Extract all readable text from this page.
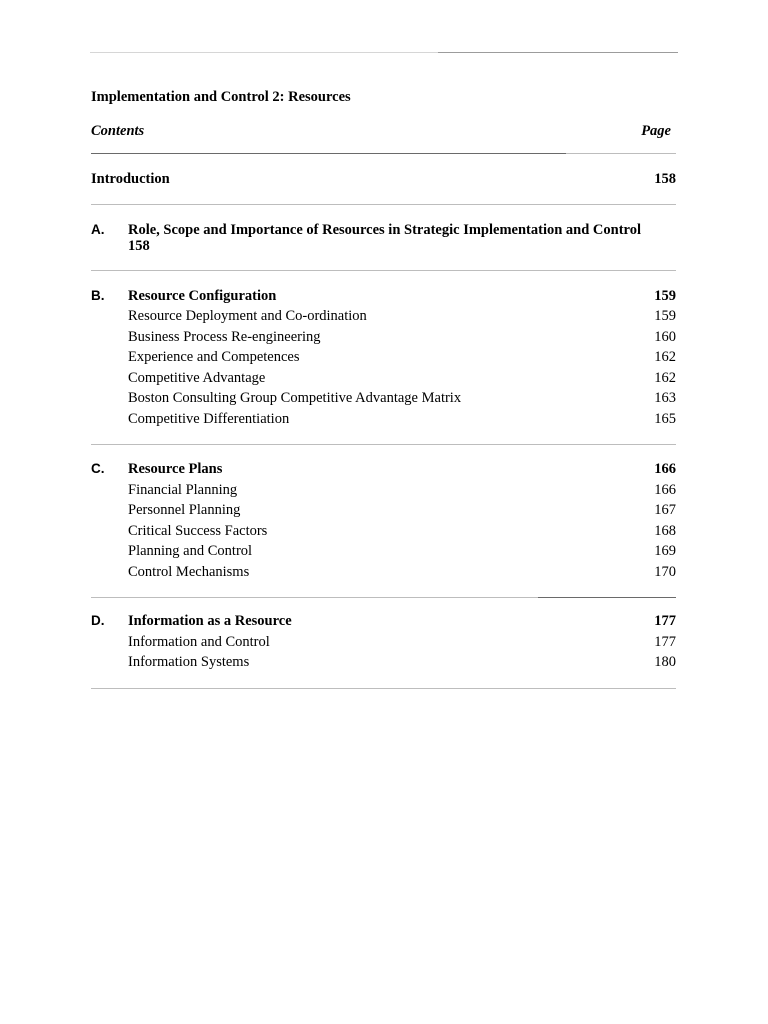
Implementation and Control 2: Resources
Contents	Page
Introduction	158
A.	Role, Scope and Importance of Resources in Strategic Implementation and Control
158
B.	Resource Configuration	159
Resource Deployment and Co-ordination	159
Business Process Re-engineering	160
Experience and Competences	162
Competitive Advantage	162
Boston Consulting Group Competitive Advantage Matrix	163
Competitive Differentiation	165
C.	Resource Plans	166
Financial Planning	166
Personnel Planning	167
Critical Success Factors	168
Planning and Control	169
Control Mechanisms	170
D.	Information as a Resource	177
Information and Control	177
Information Systems	180
